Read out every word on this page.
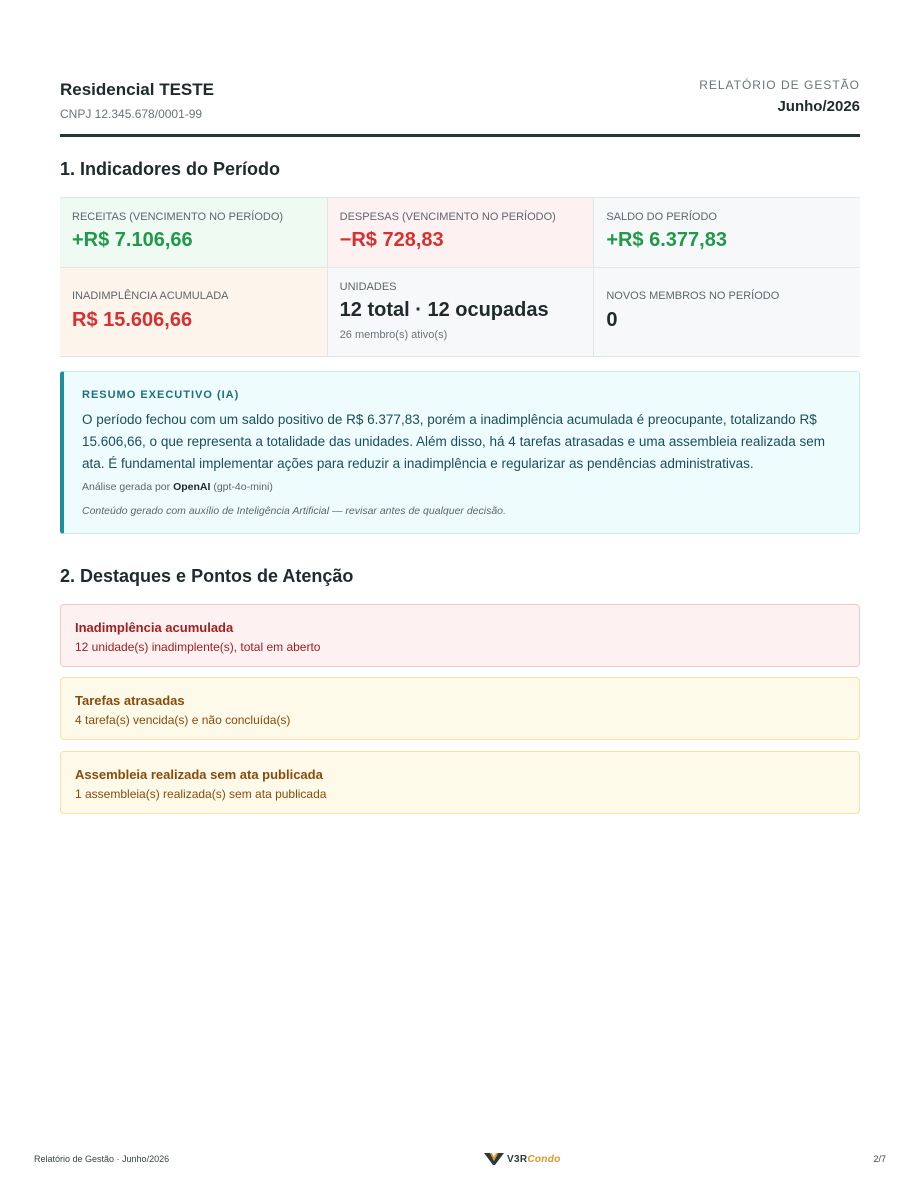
Residencial TESTE
CNPJ 12.345.678/0001-99
RELATÓRIO DE GESTÃO
Junho/2026
1. Indicadores do Período
RECEITAS (VENCIMENTO NO PERÍODO)
+R$ 7.106,66
DESPESAS (VENCIMENTO NO PERÍODO)
−R$ 728,83
SALDO DO PERÍODO
+R$ 6.377,83
INADIMPLÊNCIA ACUMULADA
R$ 15.606,66
UNIDADES
12 total · 12 ocupadas
26 membro(s) ativo(s)
NOVOS MEMBROS NO PERÍODO
0
RESUMO EXECUTIVO (IA)
O período fechou com um saldo positivo de R$ 6.377,83, porém a inadimplência acumulada é preocupante, totalizando R$ 15.606,66, o que representa a totalidade das unidades. Além disso, há 4 tarefas atrasadas e uma assembleia realizada sem ata. É fundamental implementar ações para reduzir a inadimplência e regularizar as pendências administrativas.
Análise gerada por OpenAI (gpt-4o-mini)
Conteúdo gerado com auxílio de Inteligência Artificial — revisar antes de qualquer decisão.
2. Destaques e Pontos de Atenção
Inadimplência acumulada
12 unidade(s) inadimplente(s), total em aberto
Tarefas atrasadas
4 tarefa(s) vencida(s) e não concluída(s)
Assembleia realizada sem ata publicada
1 assembleia(s) realizada(s) sem ata publicada
Relatório de Gestão · Junho/2026	V3RCondo	2/7
